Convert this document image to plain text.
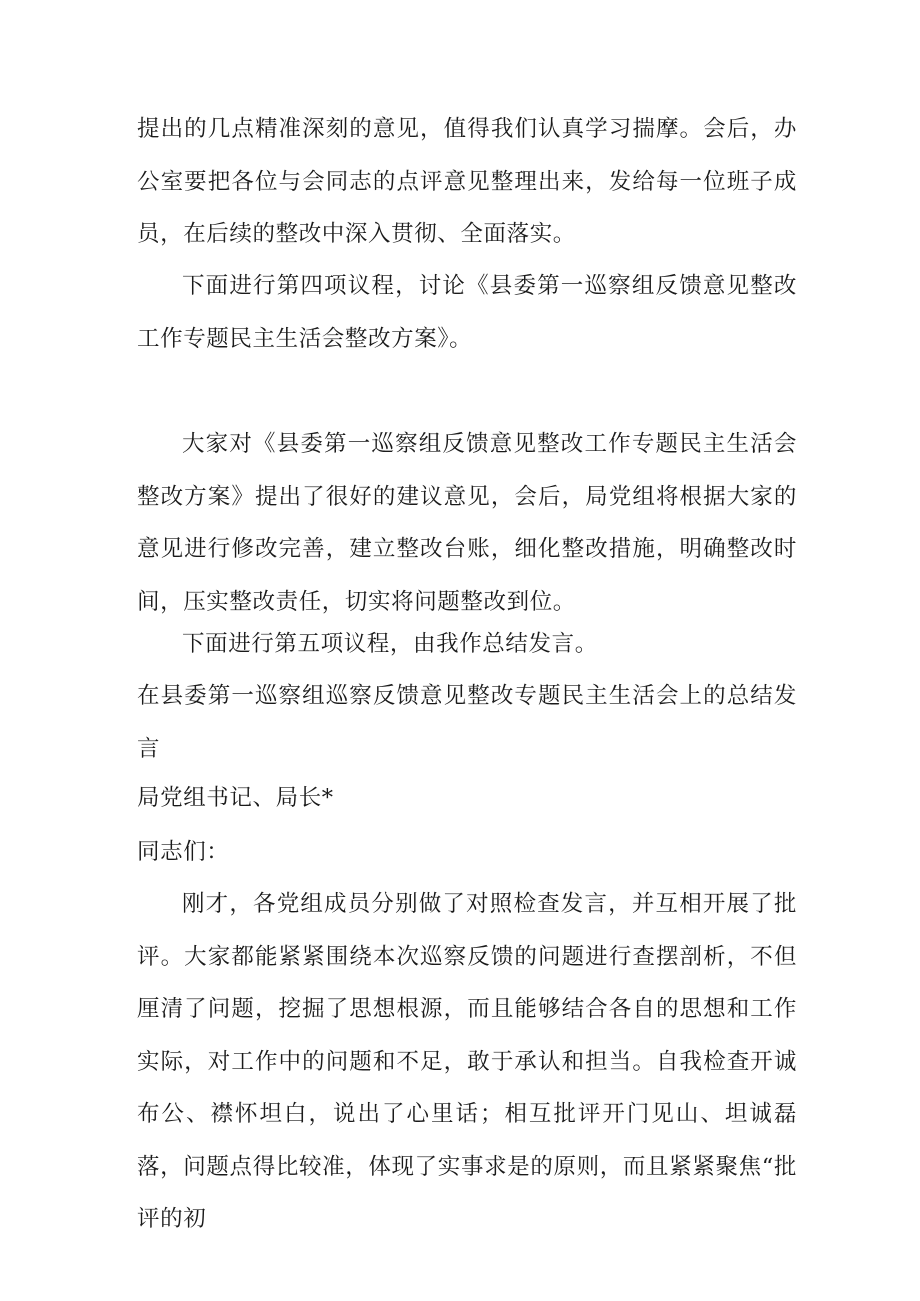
提出的几点精准深刻的意见，值得我们认真学习揣摩。会后，办公室要把各位与会同志的点评意见整理出来，发给每一位班子成员，在后续的整改中深入贯彻、全面落实。

下面进行第四项议程，讨论《县委第一巡察组反馈意见整改工作专题民主生活会整改方案》。

大家对《县委第一巡察组反馈意见整改工作专题民主生活会整改方案》提出了很好的建议意见，会后，局党组将根据大家的意见进行修改完善，建立整改台账，细化整改措施，明确整改时间，压实整改责任，切实将问题整改到位。

下面进行第五项议程，由我作总结发言。

在县委第一巡察组巡察反馈意见整改专题民主生活会上的总结发言

局党组书记、局长*

同志们：

刚才，各党组成员分别做了对照检查发言，并互相开展了批评。大家都能紧紧围绕本次巡察反馈的问题进行查摆剖析，不但厘清了问题，挖掘了思想根源，而且能够结合各自的思想和工作实际，对工作中的问题和不足，敢于承认和担当。自我检查开诚布公、襟怀坦白，说出了心里话；相互批评开门见山、坦诚磊落，问题点得比较准，体现了实事求是的原则，而且紧紧聚焦“批评的初
